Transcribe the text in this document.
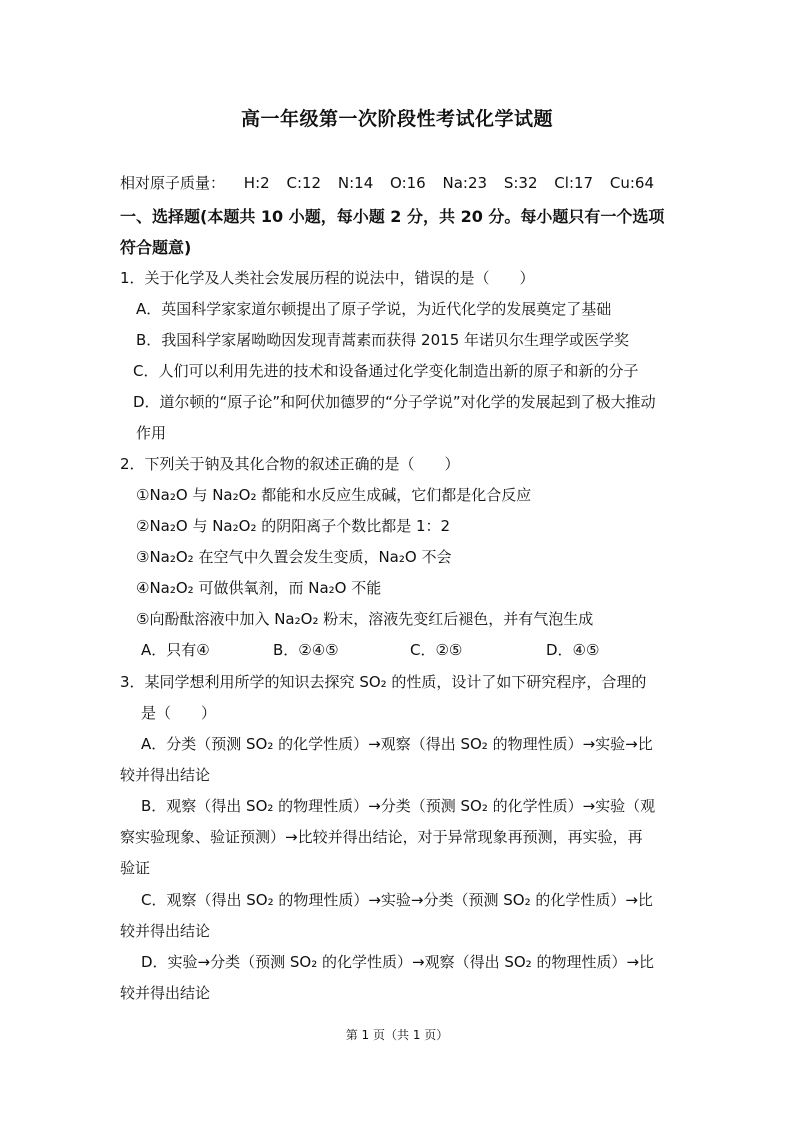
高一年级第一次阶段性考试化学试题
相对原子质量： H:2 C:12 N:14 O:16 Na:23 S:32 Cl:17 Cu:64
一、选择题(本题共 10 小题，每小题 2 分，共 20 分。每小题只有一个选项符合题意)
1．关于化学及人类社会发展历程的说法中，错误的是（　　）
A．英国科学家家道尔顿提出了原子学说，为近代化学的发展奠定了基础
B．我国科学家屠呦呦因发现青蒿素而获得 2015 年诺贝尔生理学或医学奖
C．人们可以利用先进的技术和设备通过化学变化制造出新的原子和新的分子
D．道尔顿的“原子论”和阿伏加德罗的“分子学说”对化学的发展起到了极大推动
作用
2．下列关于钠及其化合物的叙述正确的是（　　）
①Na₂O 与 Na₂O₂ 都能和水反应生成碱，它们都是化合反应
②Na₂O 与 Na₂O₂ 的阴阳离子个数比都是 1：2
③Na₂O₂ 在空气中久置会发生变质，Na₂O 不会
④Na₂O₂ 可做供氧剂，而 Na₂O 不能
⑤向酚酞溶液中加入 Na₂O₂ 粉末，溶液先变红后褪色，并有气泡生成
A．只有④	B．②④⑤	C．②⑤	D．④⑤
3．某同学想利用所学的知识去探究 SO₂ 的性质，设计了如下研究程序，合理的
是（　　）
A．分类（预测 SO₂ 的化学性质）→观察（得出 SO₂ 的物理性质）→实验→比
较并得出结论
B．观察（得出 SO₂ 的物理性质）→分类（预测 SO₂ 的化学性质）→实验（观
察实验现象、验证预测）→比较并得出结论，对于异常现象再预测，再实验，再
验证
C．观察（得出 SO₂ 的物理性质）→实验→分类（预测 SO₂ 的化学性质）→比
较并得出结论
D．实验→分类（预测 SO₂ 的化学性质）→观察（得出 SO₂ 的物理性质）→比
较并得出结论
第 1 页（共 1 页）
